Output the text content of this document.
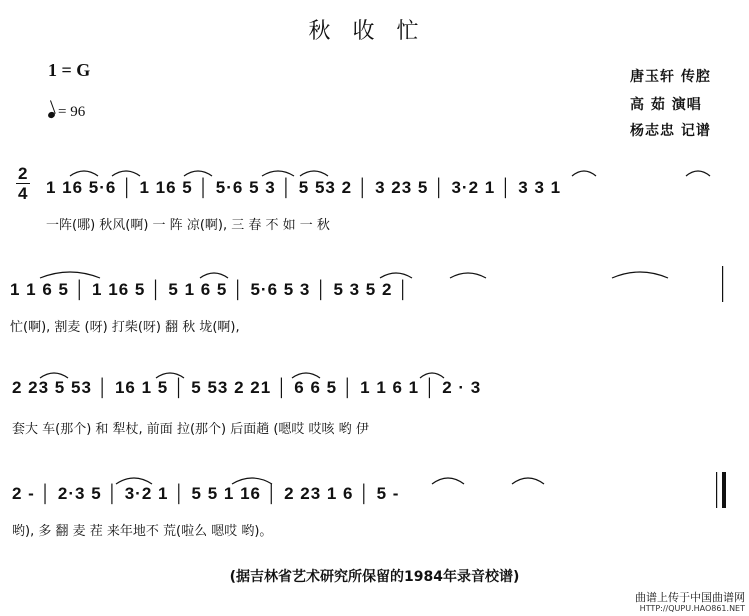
秋收忙
1 = G
= 96
唐玉轩 传腔
高 茹 演唱
杨志忠 记谱
2
4 1 16 5·6 │ 1 16 5 │ 5·6 5 3 │ 5 53 2 │ 3 23 5 │ 3·2 1 │ 3 3 1
一阵(哪) 秋风(啊) 一 阵 凉(啊), 三 春 不 如 一 秋
1 1 6 5 │ 1 16 5 │ 5 1 6 5 │ 5·6 5 3 │ 5 3 5 2 │
忙(啊), 割麦 (呀) 打柴(呀) 翻 秋 垅(啊),
2 23 5 53 │ 16 1 5 │ 5 53 2 21 │ 6 6 5 │ 1 1 6 1 │ 2 · 3
套大 车(那个) 和 犁杖, 前面 拉(那个) 后面趟 (嗯哎 哎咳 哟 伊
2 - │ 2·3 5 │ 3·2 1 │ 5 5 1 16 │ 2 23 1 6 │ 5 -
哟), 多 翻 麦 茬 来年地不 荒(啦么 嗯哎 哟)。
(据吉林省艺术研究所保留的1984年录音校谱)
曲谱上传于中国曲谱网
HTTP://QUPU.HAO861.NET
